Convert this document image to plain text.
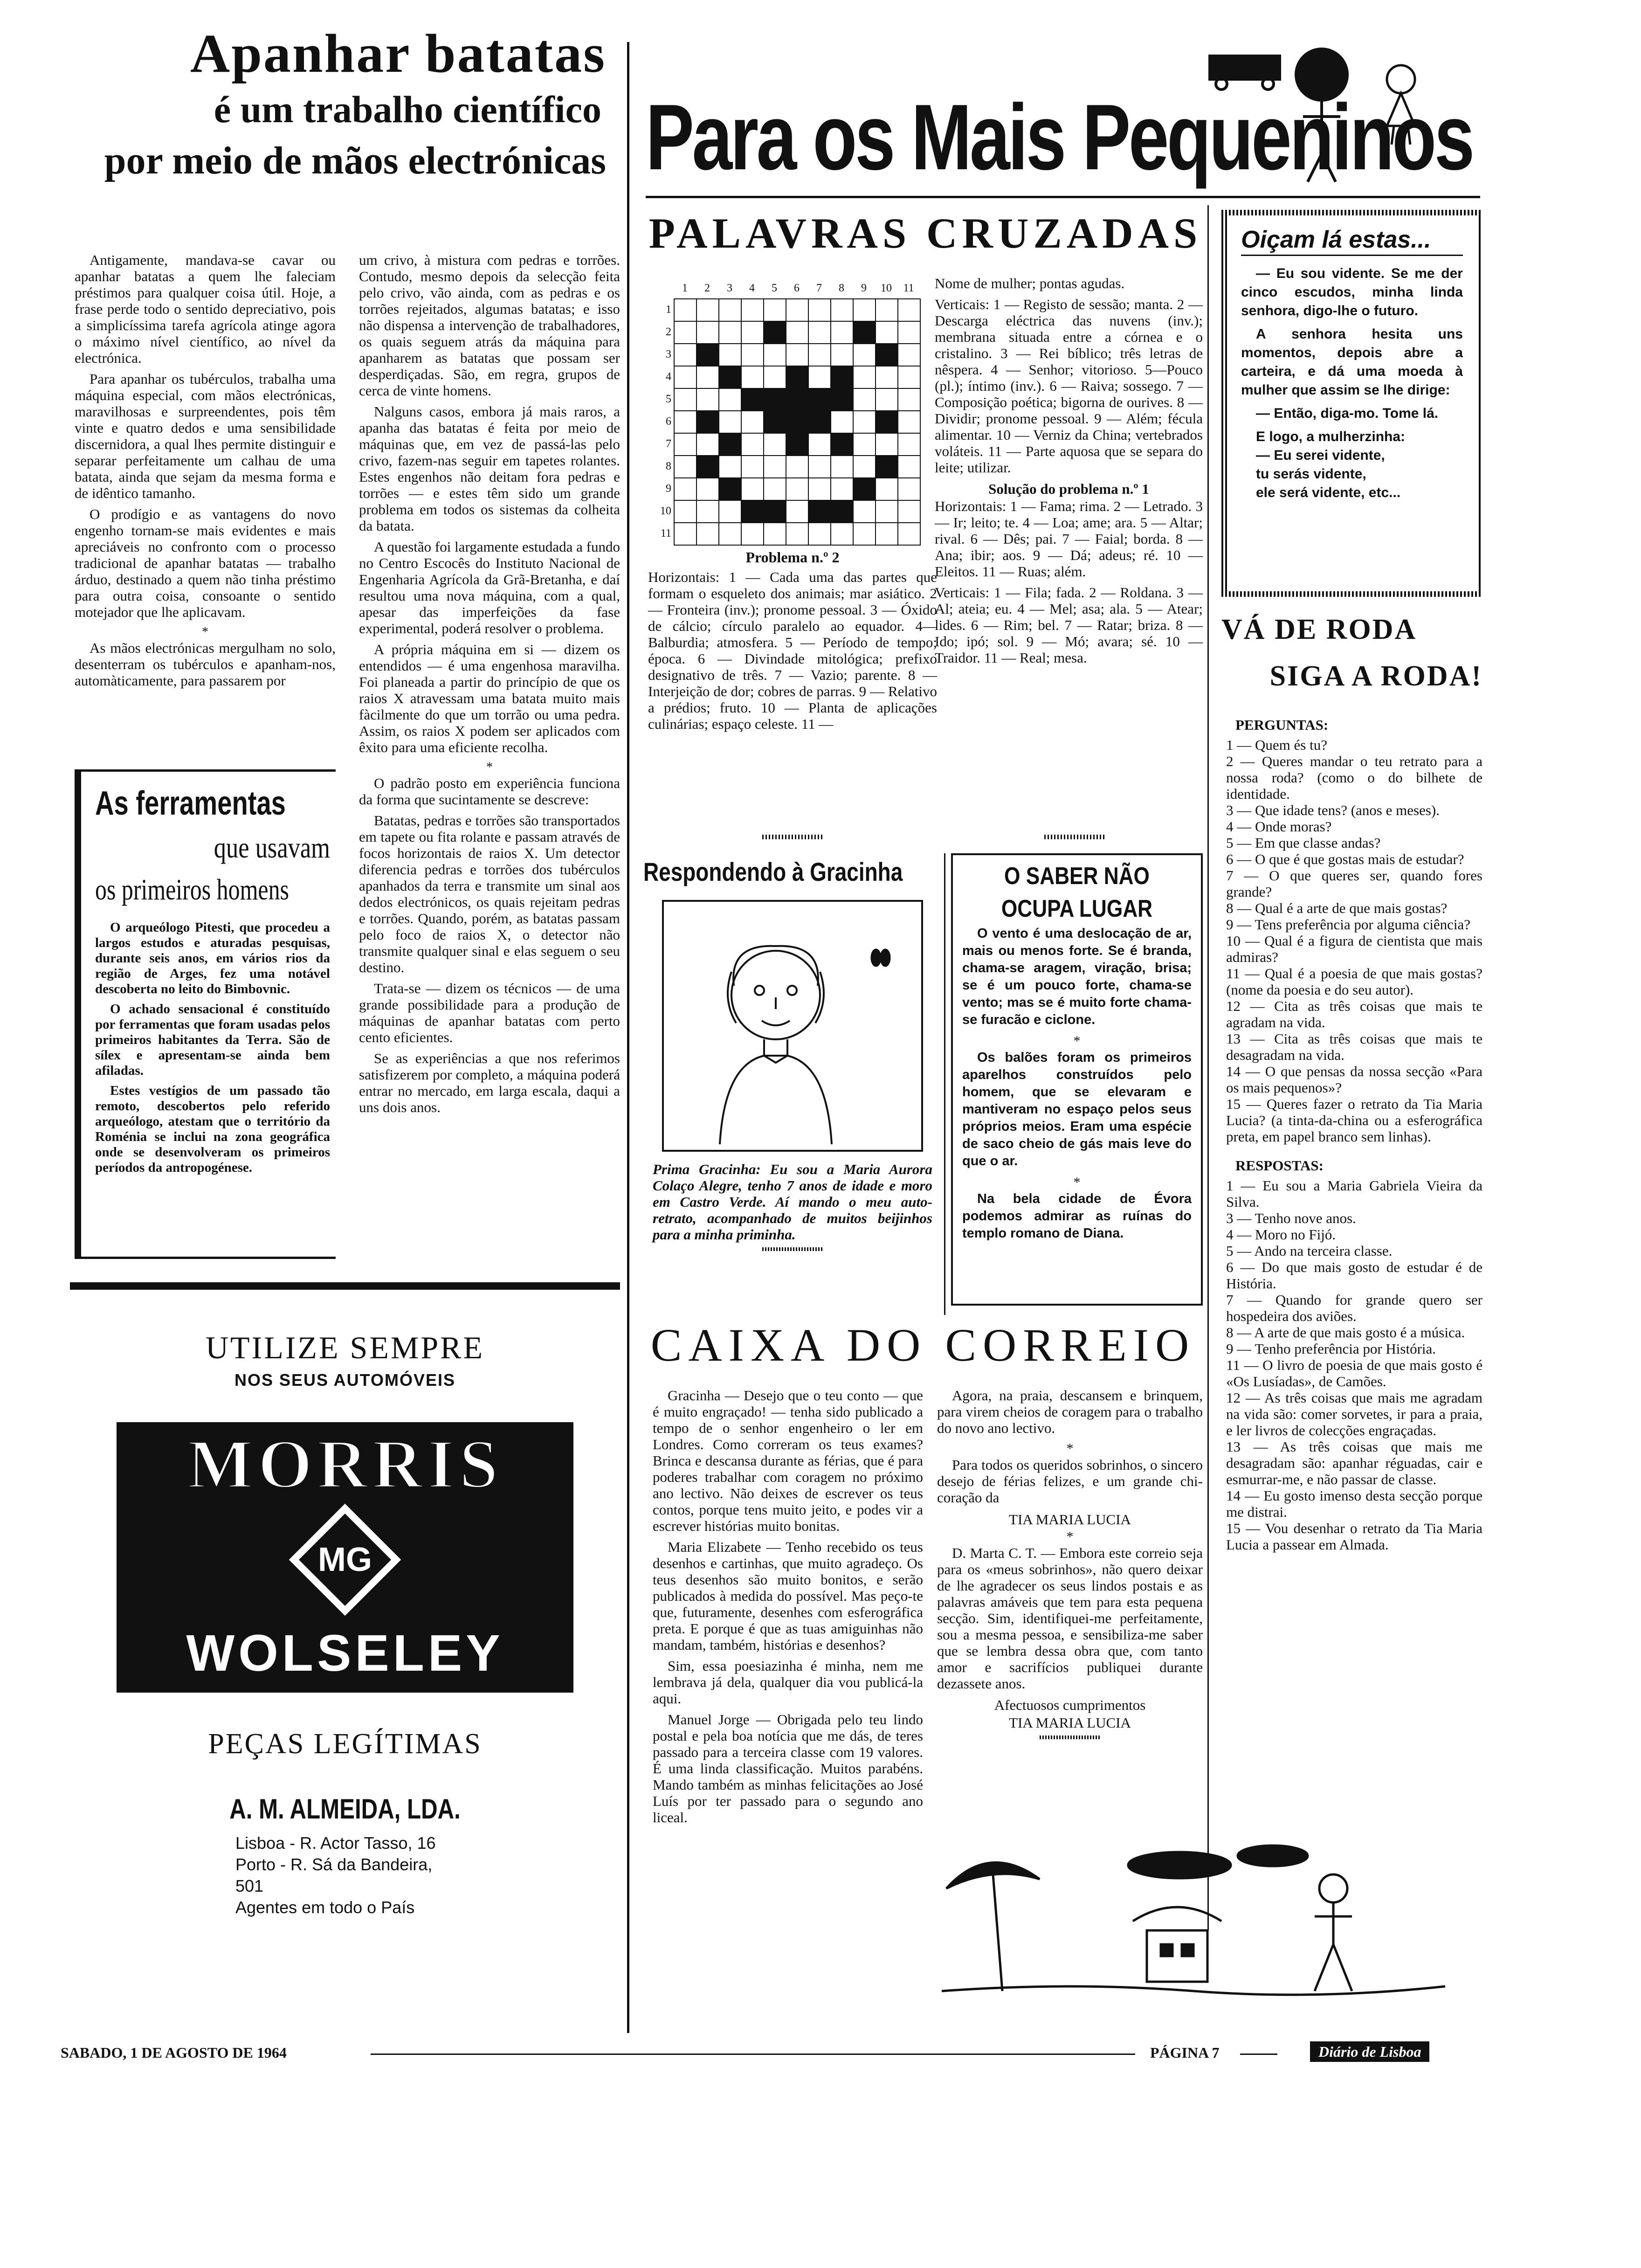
Apanhar batatas
é um trabalho científico
por meio de mãos electrónicas

Antigamente, mandava-se cavar ou apanhar batatas a quem lhe faleciam préstimos para qualquer coisa útil. Hoje, a frase perde todo o sentido depreciativo, pois a simplicíssima tarefa agrícola atinge agora o máximo nível científico, ao nível da electrónica.

Para apanhar os tubérculos, trabalha uma máquina especial, com mãos electrónicas, maravilhosas e surpreendentes, pois têm vinte e quatro dedos e uma sensibilidade discernidora, a qual lhes permite distinguir e separar perfeitamente um calhau de uma batata, ainda que sejam da mesma forma e de idêntico tamanho.

O prodígio e as vantagens do novo engenho tornam-se mais evidentes e mais apreciáveis no confronto com o processo tradicional de apanhar batatas — trabalho árduo, destinado a quem não tinha préstimo para outra coisa, consoante o sentido motejador que lhe aplicavam.

*

As mãos electrónicas mergulham no solo, desenterram os tubérculos e apanham-nos, automàticamente, para passarem por

um crivo, à mistura com pedras e torrões. Contudo, mesmo depois da selecção feita pelo crivo, vão ainda, com as pedras e os torrões rejeitados, algumas batatas; e isso não dispensa a intervenção de trabalhadores, os quais seguem atrás da máquina para apanharem as batatas que possam ser desperdiçadas. São, em regra, grupos de cerca de vinte homens.

Nalguns casos, embora já mais raros, a apanha das batatas é feita por meio de máquinas que, em vez de passá-las pelo crivo, fazem-nas seguir em tapetes rolantes. Estes engenhos não deitam fora pedras e torrões — e estes têm sido um grande problema em todos os sistemas da colheita da batata.

A questão foi largamente estudada a fundo no Centro Escocês do Instituto Nacional de Engenharia Agrícola da Grã-Bretanha, e daí resultou uma nova máquina, com a qual, apesar das imperfeições da fase experimental, poderá resolver o problema.

A própria máquina em si — dizem os entendidos — é uma engenhosa maravilha. Foi planeada a partir do princípio de que os raios X atravessam uma batata muito mais fàcilmente do que um torrão ou uma pedra. Assim, os raios X podem ser aplicados com êxito para uma eficiente recolha.

*

O padrão posto em experiência funciona da forma que sucintamente se descreve:

Batatas, pedras e torrões são transportados em tapete ou fita rolante e passam através de focos horizontais de raios X. Um detector diferencia pedras e torrões dos tubérculos apanhados da terra e transmite um sinal aos dedos electrónicos, os quais rejeitam pedras e torrões. Quando, porém, as batatas passam pelo foco de raios X, o detector não transmite qualquer sinal e elas seguem o seu destino.

Trata-se — dizem os técnicos — de uma grande possibilidade para a produção de máquinas de apanhar batatas com perto cento eficientes.

Se as experiências a que nos referimos satisfizerem por completo, a máquina poderá entrar no mercado, em larga escala, daqui a uns dois anos.

As ferramentas
que usavam
os primeiros homens

O arqueólogo Pitesti, que procedeu a largos estudos e aturadas pesquisas, durante seis anos, em vários rios da região de Arges, fez uma notável descoberta no leito do Bimbovnic.

O achado sensacional é constituído por ferramentas que foram usadas pelos primeiros habitantes da Terra. São de sílex e apresentam-se ainda bem afiladas.

Estes vestígios de um passado tão remoto, descobertos pelo referido arqueólogo, atestam que o território da Roménia se inclui na zona geográfica onde se desenvolveram os primeiros períodos da antropogénese.

UTILIZE SEMPRE
NOS SEUS AUTOMÓVEIS
MORRIS
MG
WOLSELEY
PEÇAS LEGÍTIMAS
A. M. ALMEIDA, LDA.
Lisboa - R. Actor Tasso, 16
Porto - R. Sá da Bandeira, 501
Agentes em todo o País
Para os Mais Pequeninos
PALAVRAS CRUZADAS
1	2	3	4	5	6	7	8	9	10	11
1
2
3
4
5
6
7
8
9
10
11
Problema n.º 2

Horizontais: 1 — Cada uma das partes que formam o esqueleto dos animais; mar asiático. 2 — Fronteira (inv.); pronome pessoal. 3 — Óxido de cálcio; círculo paralelo ao equador. 4—Balburdia; atmosfera. 5 — Período de tempo; época. 6 — Divindade mitológica; prefixo designativo de três. 7 — Vazio; parente. 8 — Interjeição de dor; cobres de parras. 9 — Relativo a prédios; fruto. 10 — Planta de aplicações culinárias; espaço celeste. 11 —

Nome de mulher; pontas agudas.

Verticais: 1 — Registo de sessão; manta. 2 — Descarga eléctrica das nuvens (inv.); membrana situada entre a córnea e o cristalino. 3 — Rei bíblico; três letras de nêspera. 4 — Senhor; vitorioso. 5—Pouco (pl.); íntimo (inv.). 6 — Raiva; sossego. 7 — Composição poética; bigorna de ourives. 8 — Dividir; pronome pessoal. 9 — Além; fécula alimentar. 10 — Verniz da China; vertebrados voláteis. 11 — Parte aquosa que se separa do leite; utilizar.

Solução do problema n.º 1

Horizontais: 1 — Fama; rima. 2 — Letrado. 3 — Ir; leito; te. 4 — Loa; ame; ara. 5 — Altar; rival. 6 — Dês; pai. 7 — Faial; borda. 8 — Ana; ibir; aos. 9 — Dá; adeus; ré. 10 — Eleitos. 11 — Ruas; além.

Verticais: 1 — Fila; fada. 2 — Roldana. 3 — Al; ateia; eu. 4 — Mel; asa; ala. 5 — Atear; lides. 6 — Rim; bel. 7 — Ratar; briza. 8 — Ido; ipó; sol. 9 — Mó; avara; sé. 10 — Traidor. 11 — Real; mesa.

Oiçam lá estas...

— Eu sou vidente. Se me der cinco escudos, minha linda senhora, digo-lhe o futuro.

A senhora hesita uns momentos, depois abre a carteira, e dá uma moeda à mulher que assim se lhe dirige:

— Então, diga-mo. Tome lá.

E logo, a mulherzinha:

— Eu serei vidente,

tu serás vidente,

ele será vidente, etc...

VÁ DE RODA
SIGA A RODA!
PERGUNTAS:

1 — Quem és tu?

2 — Queres mandar o teu retrato para a nossa roda? (como o do bilhete de identidade.

3 — Que idade tens? (anos e meses).

4 — Onde moras?

5 — Em que classe andas?

6 — O que é que gostas mais de estudar?

7 — O que queres ser, quando fores grande?

8 — Qual é a arte de que mais gostas?

9 — Tens preferência por alguma ciência?

10 — Qual é a figura de cientista que mais admiras?

11 — Qual é a poesia de que mais gostas? (nome da poesia e do seu autor).

12 — Cita as três coisas que mais te agradam na vida.

13 — Cita as três coisas que mais te desagradam na vida.

14 — O que pensas da nossa secção «Para os mais pequenos»?

15 — Queres fazer o retrato da Tia Maria Lucia? (a tinta-da-china ou a esferográfica preta, em papel branco sem linhas).

RESPOSTAS:

1 — Eu sou a Maria Gabriela Vieira da Silva.

3 — Tenho nove anos.

4 — Moro no Fijó.

5 — Ando na terceira classe.

6 — Do que mais gosto de estudar é de História.

7 — Quando for grande quero ser hospedeira dos aviões.

8 — A arte de que mais gosto é a música.

9 — Tenho preferência por História.

11 — O livro de poesia de que mais gosto é «Os Lusíadas», de Camões.

12 — As três coisas que mais me agradam na vida são: comer sorvetes, ir para a praia, e ler livros de colecções engraçadas.

13 — As três coisas que mais me desagradam são: apanhar réguadas, cair e esmurrar-me, e não passar de classe.

14 — Eu gosto imenso desta secção porque me distrai.

15 — Vou desenhar o retrato da Tia Maria Lucia a passear em Almada.

Respondendo à Gracinha

Prima Gracinha: Eu sou a Maria Aurora Colaço Alegre, tenho 7 anos de idade e moro em Castro Verde. Aí mando o meu auto-retrato, acompanhado de muitos beijinhos para a minha priminha.

O SABER NÃO OCUPA LUGAR

O vento é uma deslocação de ar, mais ou menos forte. Se é branda, chama-se aragem, viração, brisa; se é um pouco forte, chama-se vento; mas se é muito forte chama-se furacão e ciclone.

*

Os balões foram os primeiros aparelhos construídos pelo homem, que se elevaram e mantiveram no espaço pelos seus próprios meios. Eram uma espécie de saco cheio de gás mais leve do que o ar.

*

Na bela cidade de Évora podemos admirar as ruínas do templo romano de Diana.

CAIXA DO CORREIO

Gracinha — Desejo que o teu conto — que é muito engraçado! — tenha sido publicado a tempo de o senhor engenheiro o ler em Londres. Como correram os teus exames? Brinca e descansa durante as férias, que é para poderes trabalhar com coragem no próximo ano lectivo. Não deixes de escrever os teus contos, porque tens muito jeito, e podes vir a escrever histórias muito bonitas.

Maria Elizabete — Tenho recebido os teus desenhos e cartinhas, que muito agradeço. Os teus desenhos são muito bonitos, e serão publicados à medida do possível. Mas peço-te que, futuramente, desenhes com esferográfica preta. E porque é que as tuas amiguinhas não mandam, também, histórias e desenhos?

Sim, essa poesiazinha é minha, nem me lembrava já dela, qualquer dia vou publicá-la aqui.

Manuel Jorge — Obrigada pelo teu lindo postal e pela boa notícia que me dás, de teres passado para a terceira classe com 19 valores. É uma linda classificação. Muitos parabéns. Mando também as minhas felicitações ao José Luís por ter passado para o segundo ano liceal.

Agora, na praia, descansem e brinquem, para virem cheios de coragem para o trabalho do novo ano lectivo.

*

Para todos os queridos sobrinhos, o sincero desejo de férias felizes, e um grande chi-coração da

TIA MARIA LUCIA
*

D. Marta C. T. — Embora este correio seja para os «meus sobrinhos», não quero deixar de lhe agradecer os seus lindos postais e as palavras amáveis que tem para esta pequena secção. Sim, identifiquei-me perfeitamente, sou a mesma pessoa, e sensibiliza-me saber que se lembra dessa obra que, com tanto amor e sacrifícios publiquei durante dezassete anos.

Afectuosos cumprimentos
TIA MARIA LUCIA
SABADO, 1 DE AGOSTO DE 1964	PÁGINA 7	Diário de Lisboa
